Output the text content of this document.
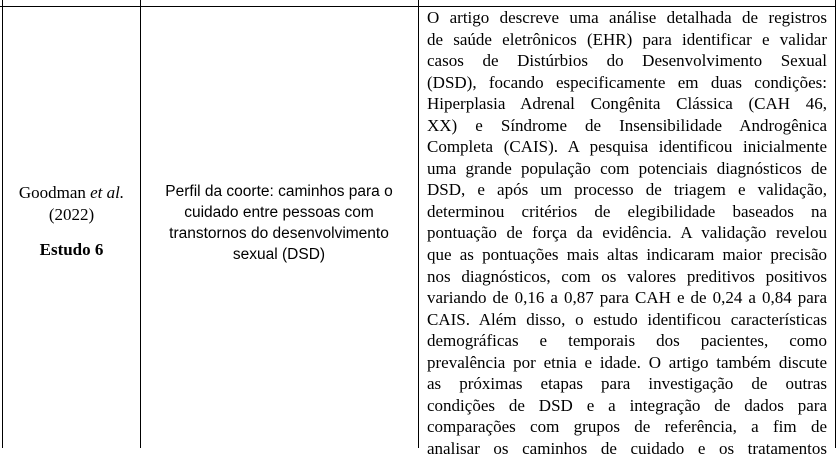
Goodman et al.
(2022)
Estudo 6
Perfil da coorte: caminhos para o cuidado entre pessoas com transtornos do desenvolvimento sexual (DSD)
O artigo descreve uma análise detalhada de registros
de saúde eletrônicos (EHR) para identificar e validar
casos de Distúrbios do Desenvolvimento Sexual
(DSD), focando especificamente em duas condições:
Hiperplasia Adrenal Congênita Clássica (CAH 46,
XX) e Síndrome de Insensibilidade Androgênica
Completa (CAIS). A pesquisa identificou inicialmente
uma grande população com potenciais diagnósticos de
DSD, e após um processo de triagem e validação,
determinou critérios de elegibilidade baseados na
pontuação de força da evidência. A validação revelou
que as pontuações mais altas indicaram maior precisão
nos diagnósticos, com os valores preditivos positivos
variando de 0,16 a 0,87 para CAH e de 0,24 a 0,84 para
CAIS. Além disso, o estudo identificou características
demográficas e temporais dos pacientes, como
prevalência por etnia e idade. O artigo também discute
as próximas etapas para investigação de outras
condições de DSD e a integração de dados para
comparações com grupos de referência, a fim de
analisar os caminhos de cuidado e os tratamentos
